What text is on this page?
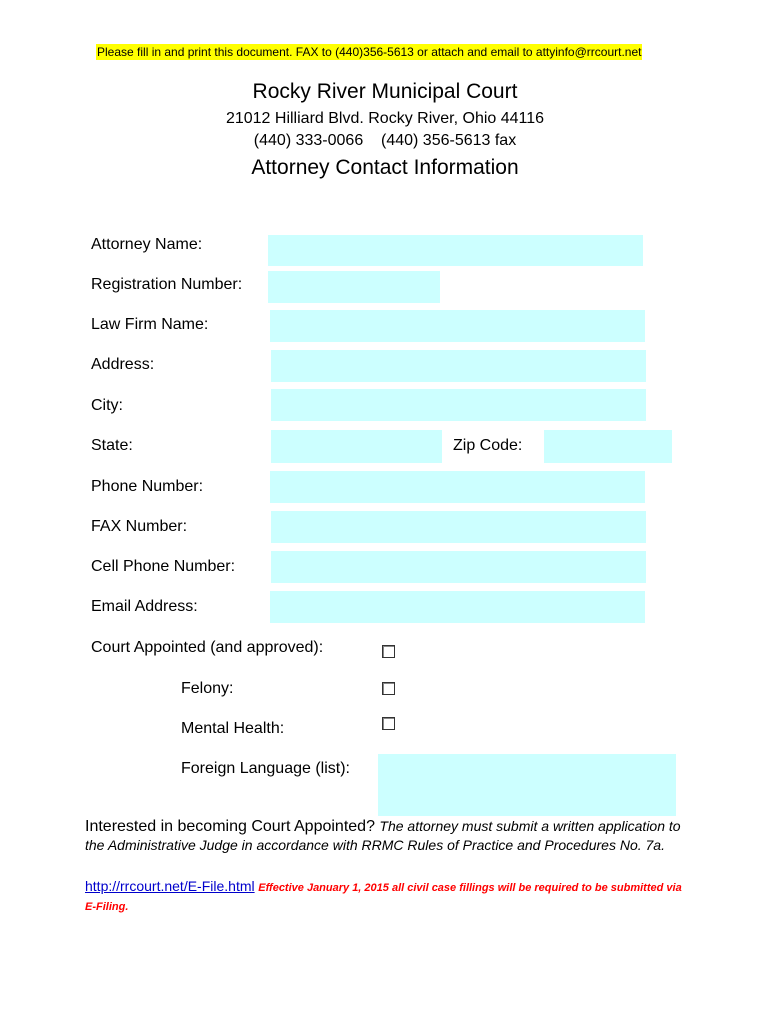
Please fill in and print this document. FAX to (440)356-5613 or attach and email to attyinfo@rrcourt.net
Rocky River Municipal Court
21012 Hilliard Blvd. Rocky River, Ohio 44116
(440) 333-0066    (440) 356-5613 fax
Attorney Contact Information
Attorney Name:
Registration Number:
Law Firm Name:
Address:
City:
State:	Zip Code:
Phone Number:
FAX Number:
Cell Phone Number:
Email Address:
Court Appointed (and approved):
Felony:
Mental Health:
Foreign Language (list):
Interested in becoming Court Appointed? The attorney must submit a written application to the Administrative Judge in accordance with RRMC Rules of Practice and Procedures No. 7a.
http://rrcourt.net/E-File.html Effective January 1, 2015 all civil case fillings will be required to be submitted via E-Filing.
